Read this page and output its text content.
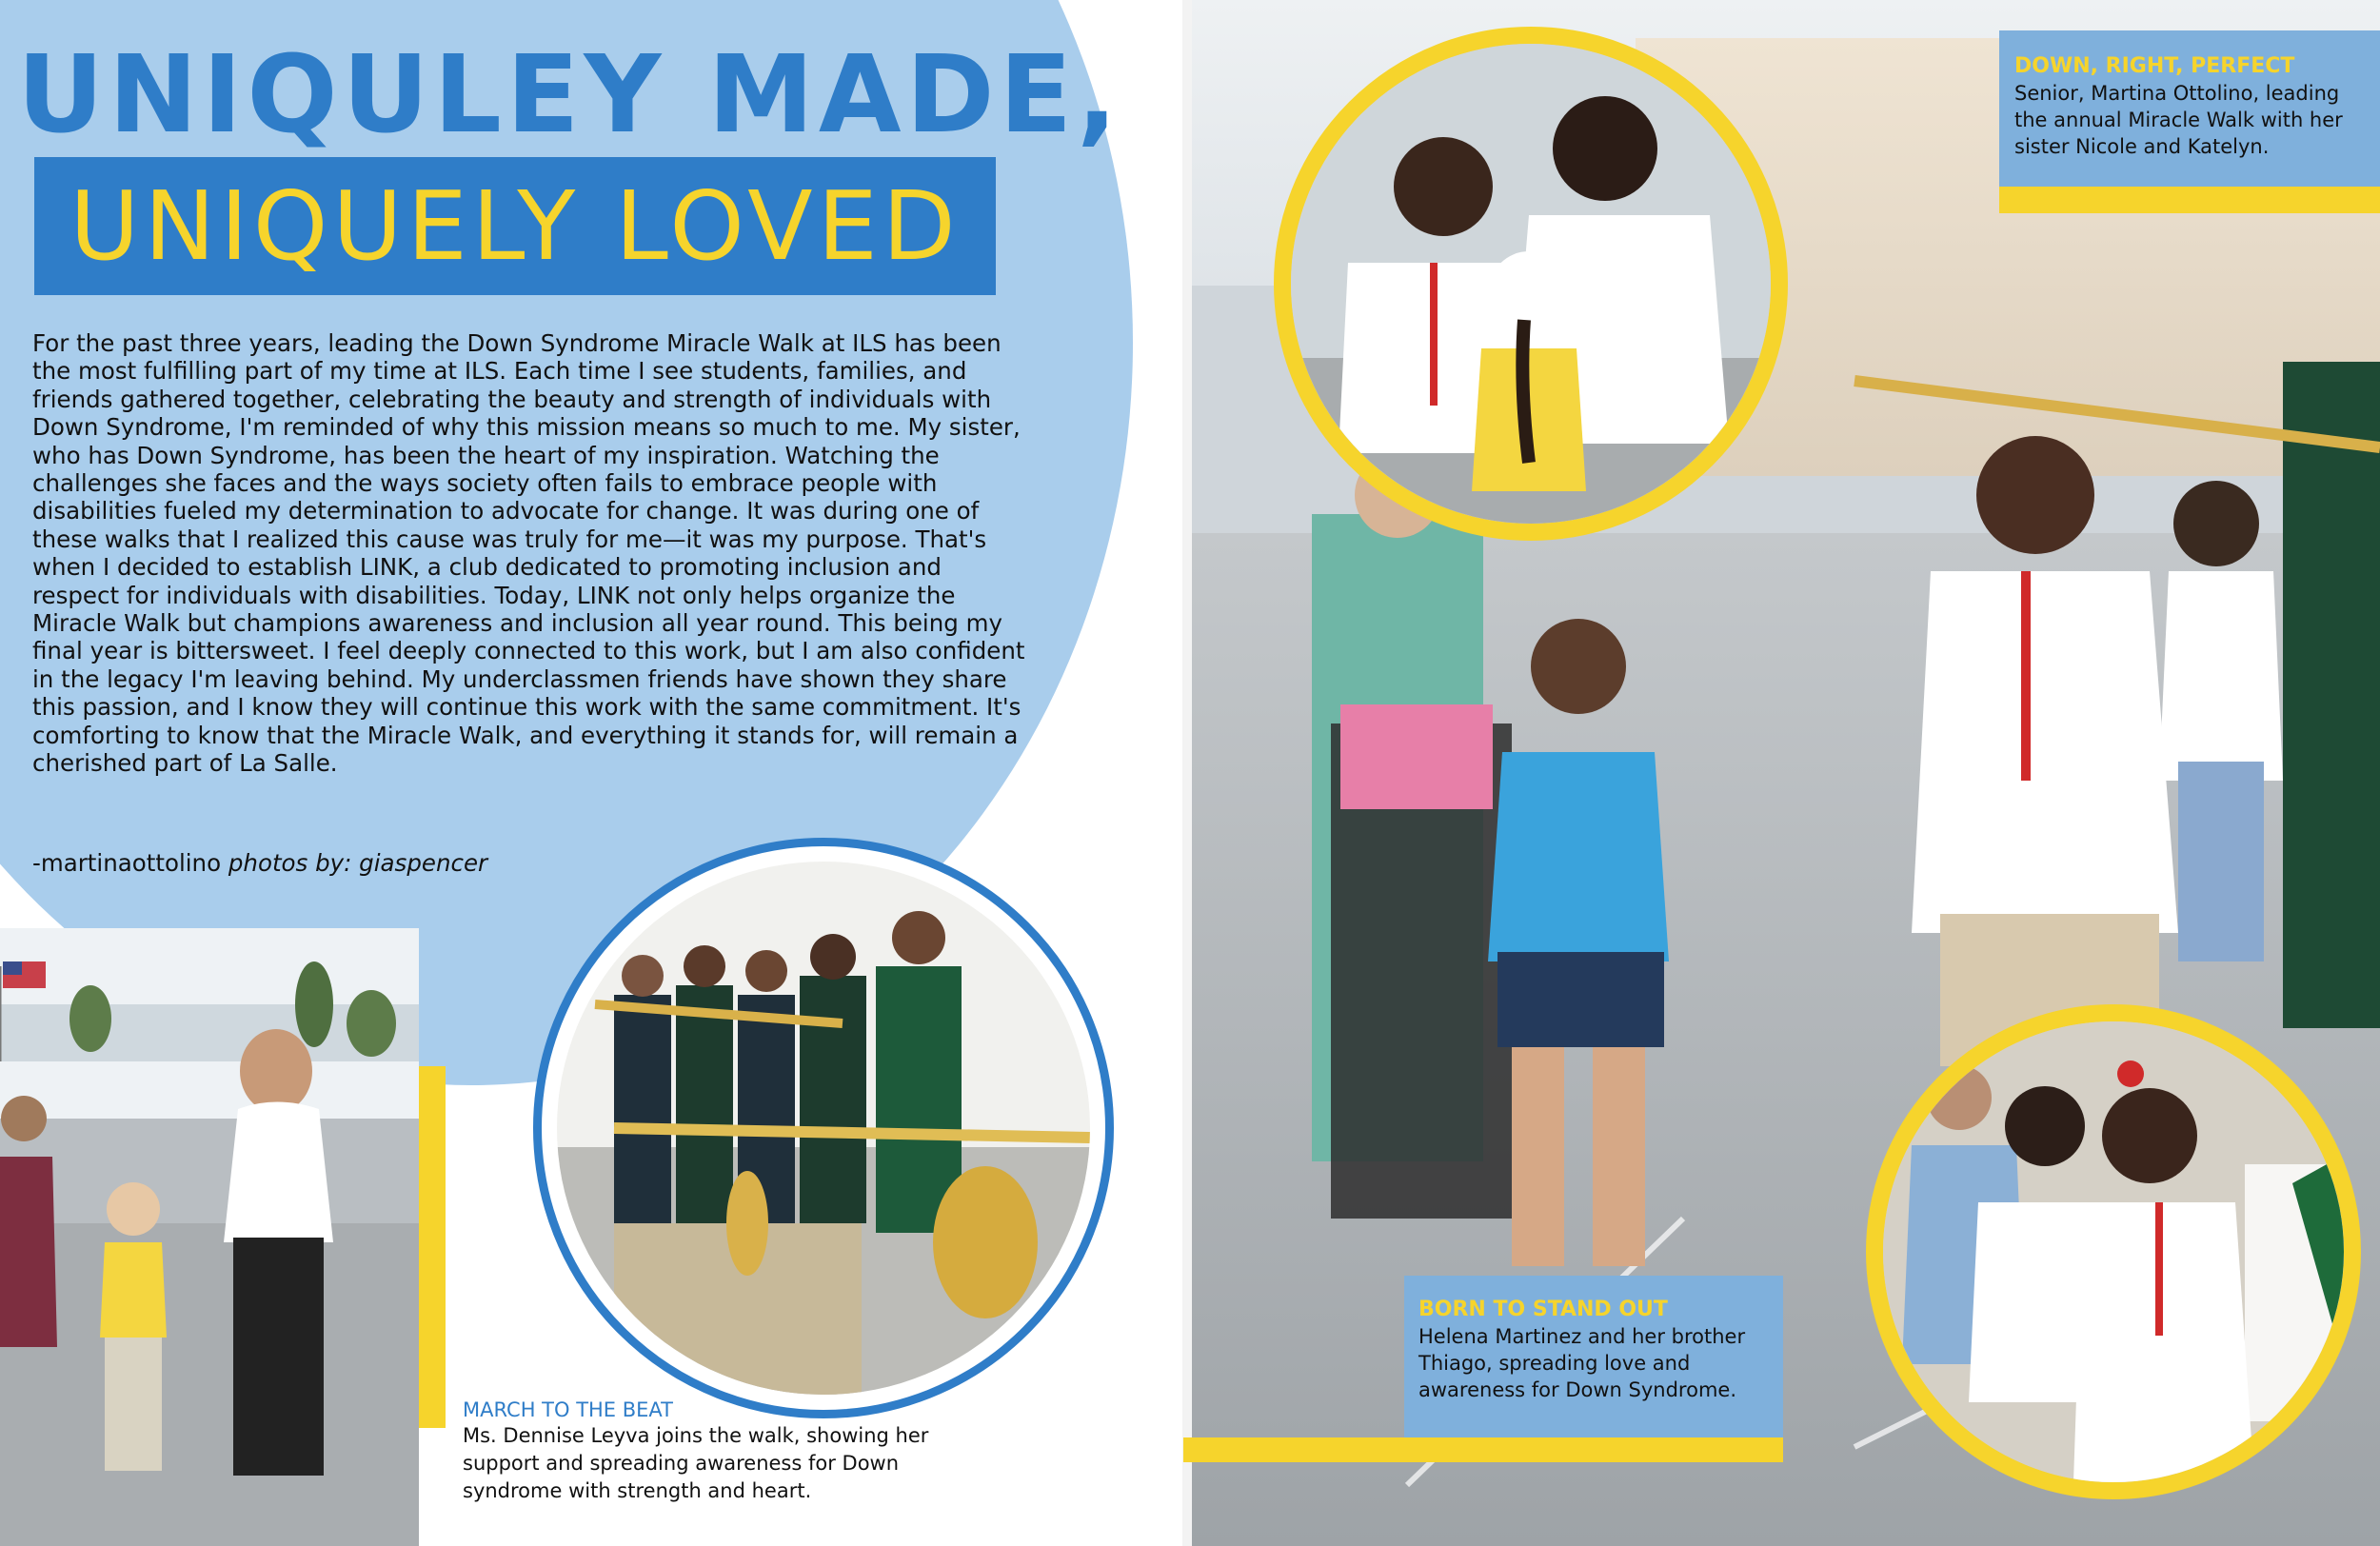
UNIQULEY MADE,
UNIQUELY LOVED

For the past three years, leading the Down Syndrome Miracle Walk at ILS has been the most fulfilling part of my time at ILS. Each time I see students, families, and friends gathered together, celebrating the beauty and strength of individuals with Down Syndrome, I'm reminded of why this mission means so much to me. My sister, who has Down Syndrome, has been the heart of my inspiration. Watching the challenges she faces and the ways society often fails to embrace people with disabilities fueled my determination to advocate for change. It was during one of these walks that I realized this cause was truly for me—it was my purpose. That's when I decided to establish LINK, a club dedicated to promoting inclusion and respect for individuals with disabilities. Today, LINK not only helps organize the Miracle Walk but champions awareness and inclusion all year round. This being my final year is bittersweet. I feel deeply connected to this work, but I am also confident in the legacy I'm leaving behind. My underclassmen friends have shown they share this passion, and I know they will continue this work with the same commitment. It's comforting to know that the Miracle Walk, and everything it stands for, will remain a cherished part of La Salle.

-martinaottolino photos by: giaspencer
MARCH TO THE BEAT

Ms. Dennise Leyva joins the walk, showing her support and spreading awareness for Down syndrome with strength and heart.

DOWN, RIGHT, PERFECT

Senior, Martina Ottolino, leading
the annual Miracle Walk with her
sister Nicole and Katelyn.

BORN TO STAND OUT

Helena Martinez and her brother Thiago, spreading love and awareness for Down Syndrome.
